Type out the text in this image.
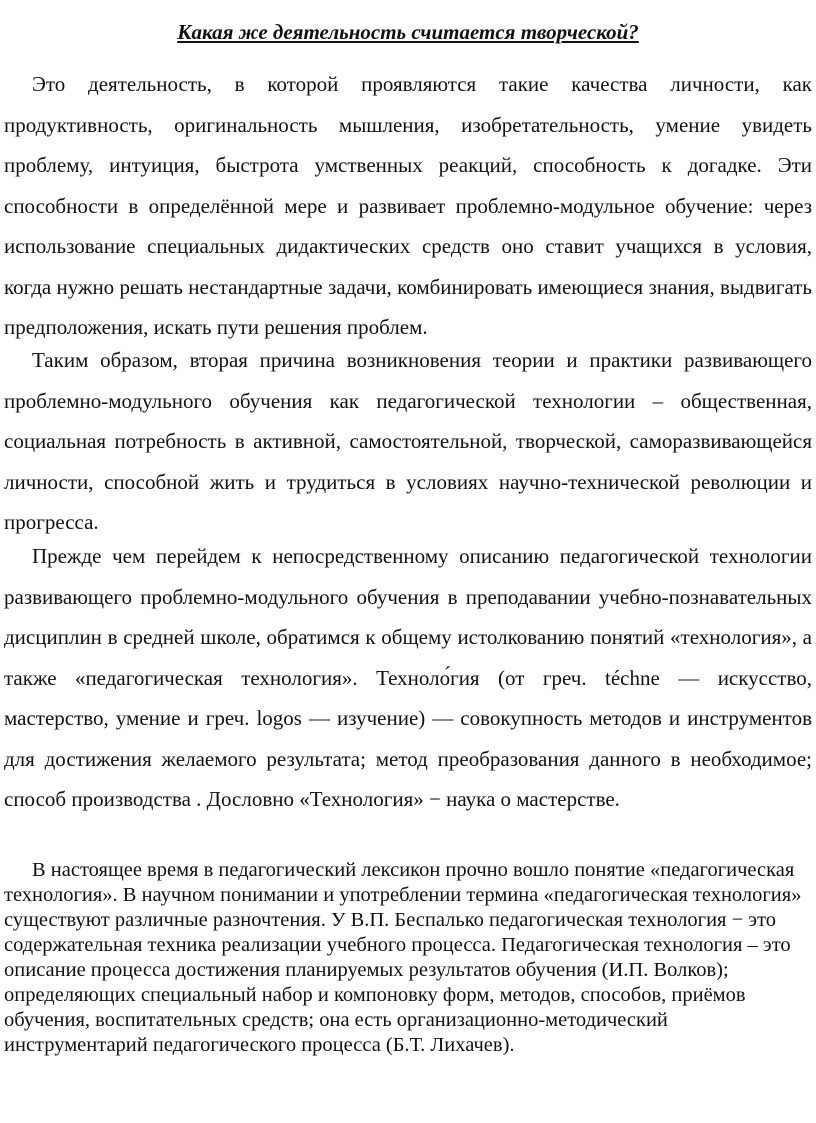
Какая же деятельность считается творческой?

Это деятельность, в которой проявляются такие качества личности, как продуктивность, оригинальность мышления, изобретательность, умение увидеть проблему, интуиция, быстрота умственных реакций, способность к догадке. Эти способности в определённой мере и развивает проблемно-модульное обучение: через использование специальных дидактических средств оно ставит учащихся в условия, когда нужно решать нестандартные задачи, комбинировать имеющиеся знания, выдвигать предположения, искать пути решения проблем.

Таким образом, вторая причина возникновения теории и практики развивающего проблемно-модульного обучения как педагогической технологии – общественная, социальная потребность в активной, самостоятельной, творческой, саморазвивающейся личности, способной жить и трудиться в условиях научно-технической революции и прогресса.

Прежде чем перейдем к непосредственному описанию педагогической технологии развивающего проблемно-модульного обучения в преподавании учебно-познавательных дисциплин в средней школе, обратимся к общему истолкованию понятий «технология», а также «педагогическая технология». Техноло́гия (от греч. téchne — искусство, мастерство, умение и греч. logos — изучение) — совокупность методов и инструментов для достижения желаемого результата; метод преобразования данного в необходимое; способ производства . Дословно «Технология» − наука о мастерстве.

В настоящее время в педагогический лексикон прочно вошло понятие «педагогическая технология». В научном понимании и употреблении термина «педагогическая технология» существуют различные разночтения. У В.П. Беспалько педагогическая технология − это содержательная техника реализации учебного процесса. Педагогическая технология – это описание процесса достижения планируемых результатов обучения (И.П. Волков); определяющих специальный набор и компоновку форм, методов, способов, приёмов обучения, воспитательных средств; она есть организационно-методический инструментарий педагогического процесса (Б.Т. Лихачев).
